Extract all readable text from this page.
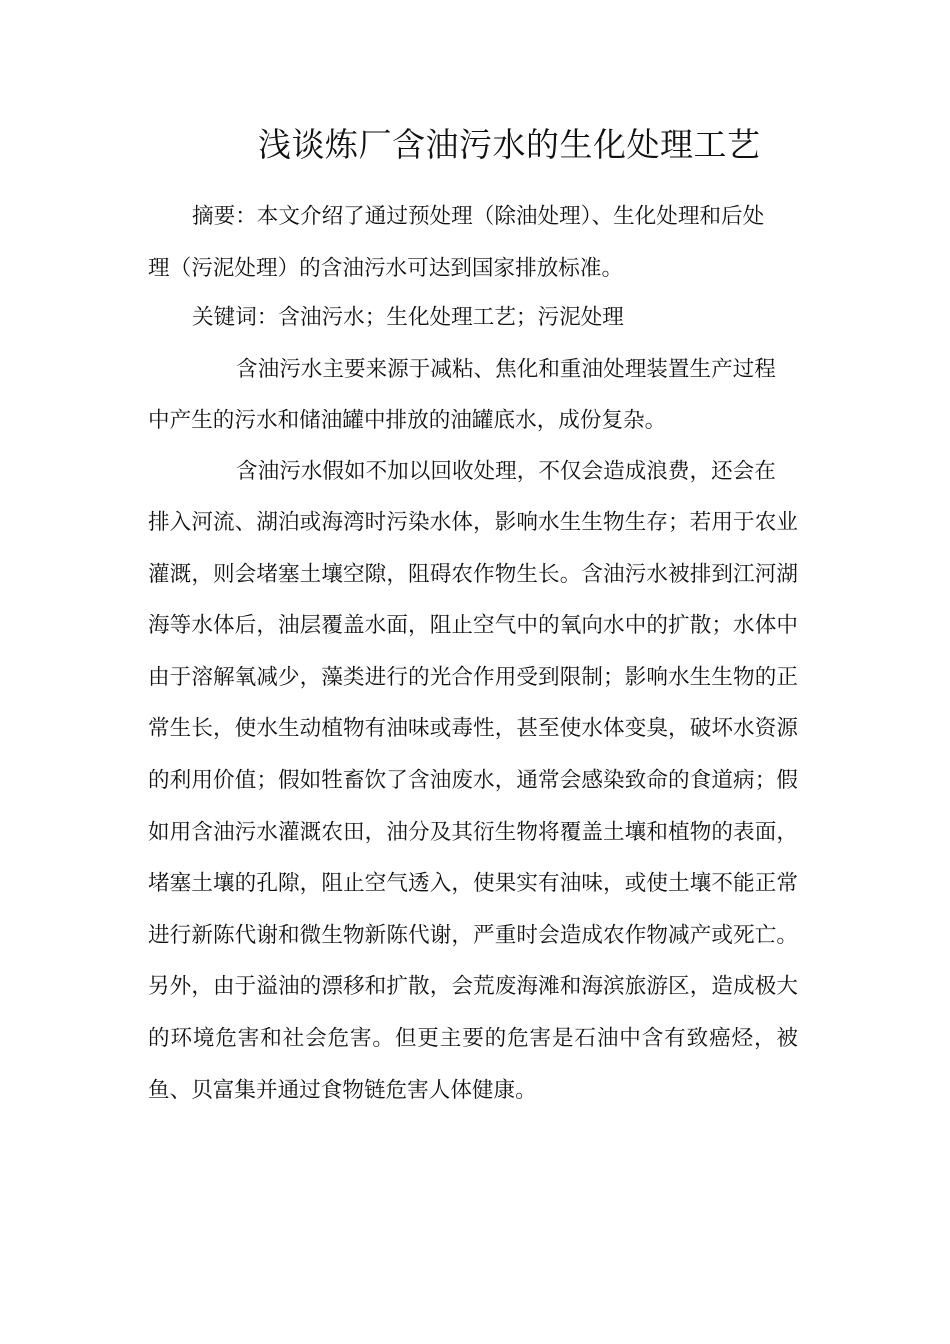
浅谈炼厂含油污水的生化处理工艺
摘要：本文介绍了通过预处理（除油处理）、生化处理和后处
理（污泥处理）的含油污水可达到国家排放标准。
关键词：含油污水；生化处理工艺；污泥处理
含油污水主要来源于减粘、焦化和重油处理装置生产过程
中产生的污水和储油罐中排放的油罐底水，成份复杂。
含油污水假如不加以回收处理，不仅会造成浪费，还会在
排入河流、湖泊或海湾时污染水体，影响水生生物生存；若用于农业灌溉，则会堵塞土壤空隙，阻碍农作物生长。含油污水被排到江河湖海等水体后，油层覆盖水面，阻止空气中的氧向水中的扩散；水体中由于溶解氧减少，藻类进行的光合作用受到限制；影响水生生物的正常生长，使水生动植物有油味或毒性，甚至使水体变臭，破坏水资源的利用价值；假如牲畜饮了含油废水，通常会感染致命的食道病；假如用含油污水灌溉农田，油分及其衍生物将覆盖土壤和植物的表面，堵塞土壤的孔隙，阻止空气透入，使果实有油味，或使土壤不能正常进行新陈代谢和微生物新陈代谢，严重时会造成农作物减产或死亡。另外，由于溢油的漂移和扩散，会荒废海滩和海滨旅游区，造成极大的环境危害和社会危害。但更主要的危害是石油中含有致癌烃，被鱼、贝富集并通过食物链危害人体健康。
